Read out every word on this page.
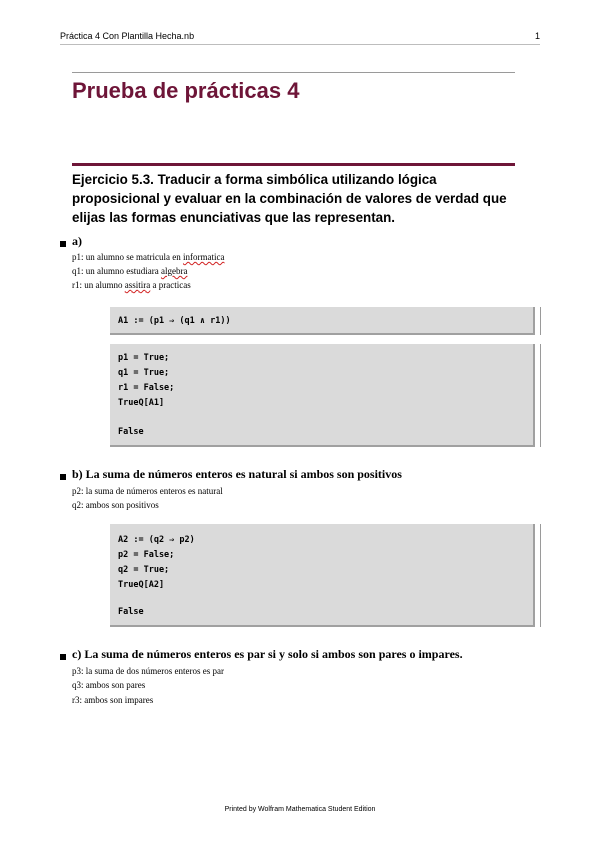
Práctica 4 Con Plantilla Hecha.nb	1
Prueba de prácticas 4
Ejercicio 5.3. Traducir a forma simbólica utilizando lógica proposicional y evaluar en la combinación de valores de verdad que elijas las formas enunciativas que las representan.
a)
p1: un alumno se matricula en informatica
q1: un alumno estudiara algebra
r1: un alumno assitira a practicas
A1 := (p1 ⇒ (q1 ∧ r1))
p1 = True;
q1 = True;
r1 = False;
TrueQ[A1]
False
b) La suma de números enteros es natural si ambos son positivos
p2: la suma de números enteros es natural
q2: ambos son positivos
A2 := (q2 ⇒ p2)
p2 = False;
q2 = True;
TrueQ[A2]
False
c) La suma de números enteros es par si y solo si ambos son pares o impares.
p3: la suma de dos números enteros es par
q3: ambos son pares
r3: ambos son impares
Printed by Wolfram Mathematica Student Edition
